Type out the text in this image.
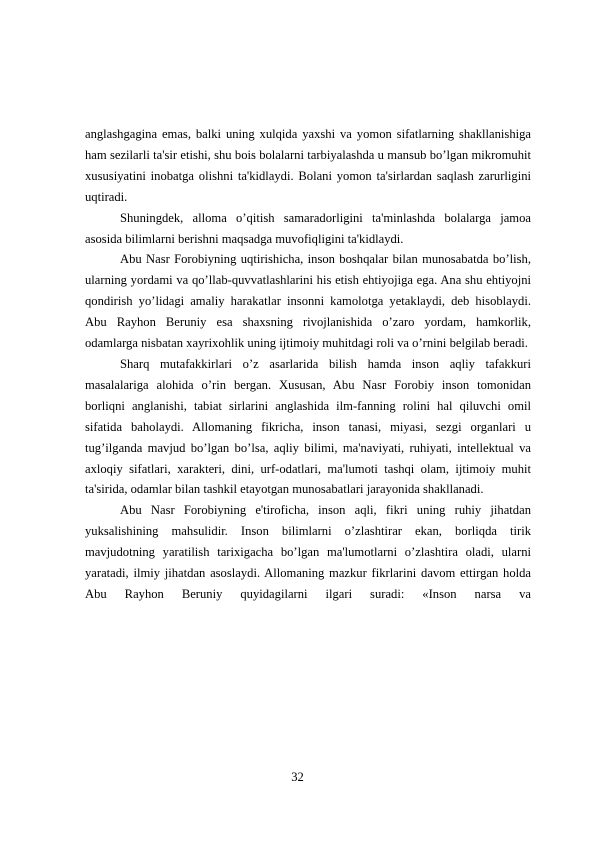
anglashgagina emas, balki uning xulqida yaxshi va yomon sifatlarning shakllanishiga ham sezilarli ta'sir etishi, shu bois bolalarni tarbiyalashda u mansub bo’lgan mikromuhit xususiyatini inobatga olishni ta'kidlaydi. Bolani yomon ta'sirlardan saqlash zarurligini uqtiradi.

Shuningdek, alloma o’qitish samaradorligini ta'minlashda bolalarga jamoa asosida bilimlarni berishni maqsadga muvofiqligini ta'kidlaydi.

Abu Nasr Forobiyning uqtirishicha, inson boshqalar bilan munosabatda bo’lish, ularning yordami va qo’llab-quvvatlashlarini his etish ehtiyojiga ega. Ana shu ehtiyojni qondirish yo’lidagi amaliy harakatlar insonni kamolotga yetaklaydi, deb hisoblaydi. Abu Rayhon Beruniy esa shaxsning rivojlanishida o’zaro yordam, hamkorlik, odamlarga nisbatan xayrixohlik uning ijtimoiy muhitdagi roli va o’rnini belgilab beradi.

Sharq mutafakkirlari o’z asarlarida bilish hamda inson aqliy tafakkuri masalalariga alohida o’rin bergan. Xususan, Abu Nasr Forobiy inson tomonidan borliqni anglanishi, tabiat sirlarini anglashida ilm-fanning rolini hal qiluvchi omil sifatida baholaydi. Allomaning fikricha, inson tanasi, miyasi, sezgi organlari u tug’ilganda mavjud bo’lgan bo’lsa, aqliy bilimi, ma'naviyati, ruhiyati, intellektual va axloqiy sifatlari, xarakteri, dini, urf-odatlari, ma'lumoti tashqi olam, ijtimoiy muhit ta'sirida, odamlar bilan tashkil etayotgan munosabatlari jarayonida shakllanadi.

Abu Nasr Forobiyning e'tiroficha, inson aqli, fikri uning ruhiy jihatdan yuksalishining mahsulidir. Inson bilimlarni o’zlashtirar ekan, borliqda tirik mavjudotning yaratilish tarixigacha bo’lgan ma'lumotlarni o’zlashtira oladi, ularni yaratadi, ilmiy jihatdan asoslaydi. Allomaning mazkur fikrlarini davom ettirgan holda Abu Rayhon Beruniy quyidagilarni ilgari suradi: «Inson narsa va

32
